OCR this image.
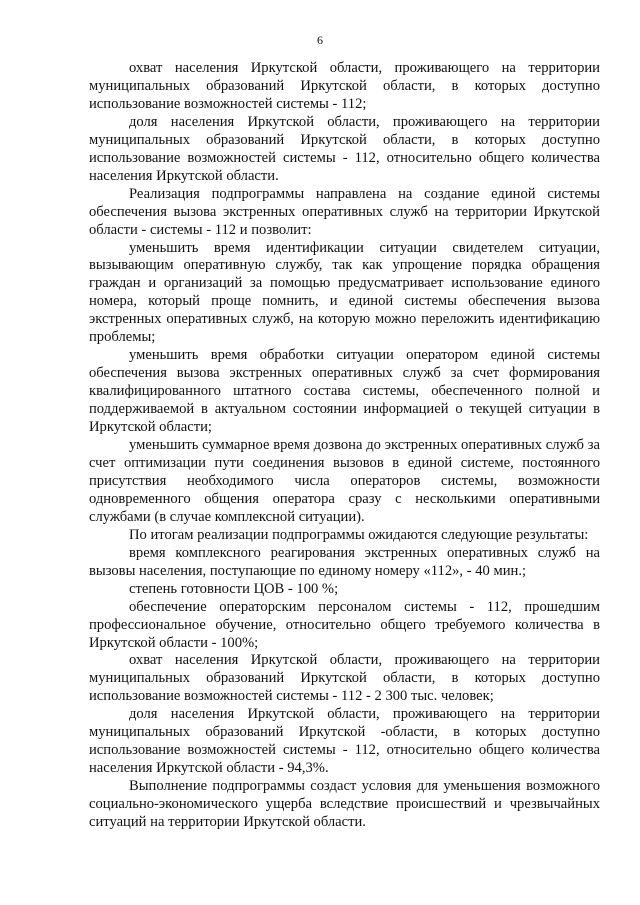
6

охват населения Иркутской области, проживающего на территории муниципальных образований Иркутской области, в которых доступно использование возможностей системы - 112;

доля населения Иркутской области, проживающего на территории муниципальных образований Иркутской области, в которых доступно использование возможностей системы - 112, относительно общего количества населения Иркутской области.

Реализация подпрограммы направлена на создание единой системы обеспечения вызова экстренных оперативных служб на территории Иркутской области - системы - 112 и позволит:

уменьшить время идентификации ситуации свидетелем ситуации, вызывающим оперативную службу, так как упрощение порядка обращения граждан и организаций за помощью предусматривает использование единого номера, который проще помнить, и единой системы обеспечения вызова экстренных оперативных служб, на которую можно переложить идентификацию проблемы;

уменьшить время обработки ситуации оператором единой системы обеспечения вызова экстренных оперативных служб за счет формирования квалифицированного штатного состава системы, обеспеченного полной и поддерживаемой в актуальном состоянии информацией о текущей ситуации в Иркутской области;

уменьшить суммарное время дозвона до экстренных оперативных служб за счет оптимизации пути соединения вызовов в единой системе, постоянного присутствия необходимого числа операторов системы, возможности одновременного общения оператора сразу с несколькими оперативными службами (в случае комплексной ситуации).

По итогам реализации подпрограммы ожидаются следующие результаты:

время комплексного реагирования экстренных оперативных служб на вызовы населения, поступающие по единому номеру «112», - 40 мин.;

степень готовности ЦОВ - 100 %;

обеспечение операторским персоналом системы - 112, прошедшим профессиональное обучение, относительно общего требуемого количества в Иркутской области - 100%;

охват населения Иркутской области, проживающего на территории муниципальных образований Иркутской области, в которых доступно использование возможностей системы - 112 - 2 300 тыс. человек;

доля населения Иркутской области, проживающего на территории муниципальных образований Иркутской -области, в которых доступно использование возможностей системы - 112, относительно общего количества населения Иркутской области - 94,3%.

Выполнение подпрограммы создаст условия для уменьшения возможного социально-экономического ущерба вследствие происшествий и чрезвычайных ситуаций на территории Иркутской области.
